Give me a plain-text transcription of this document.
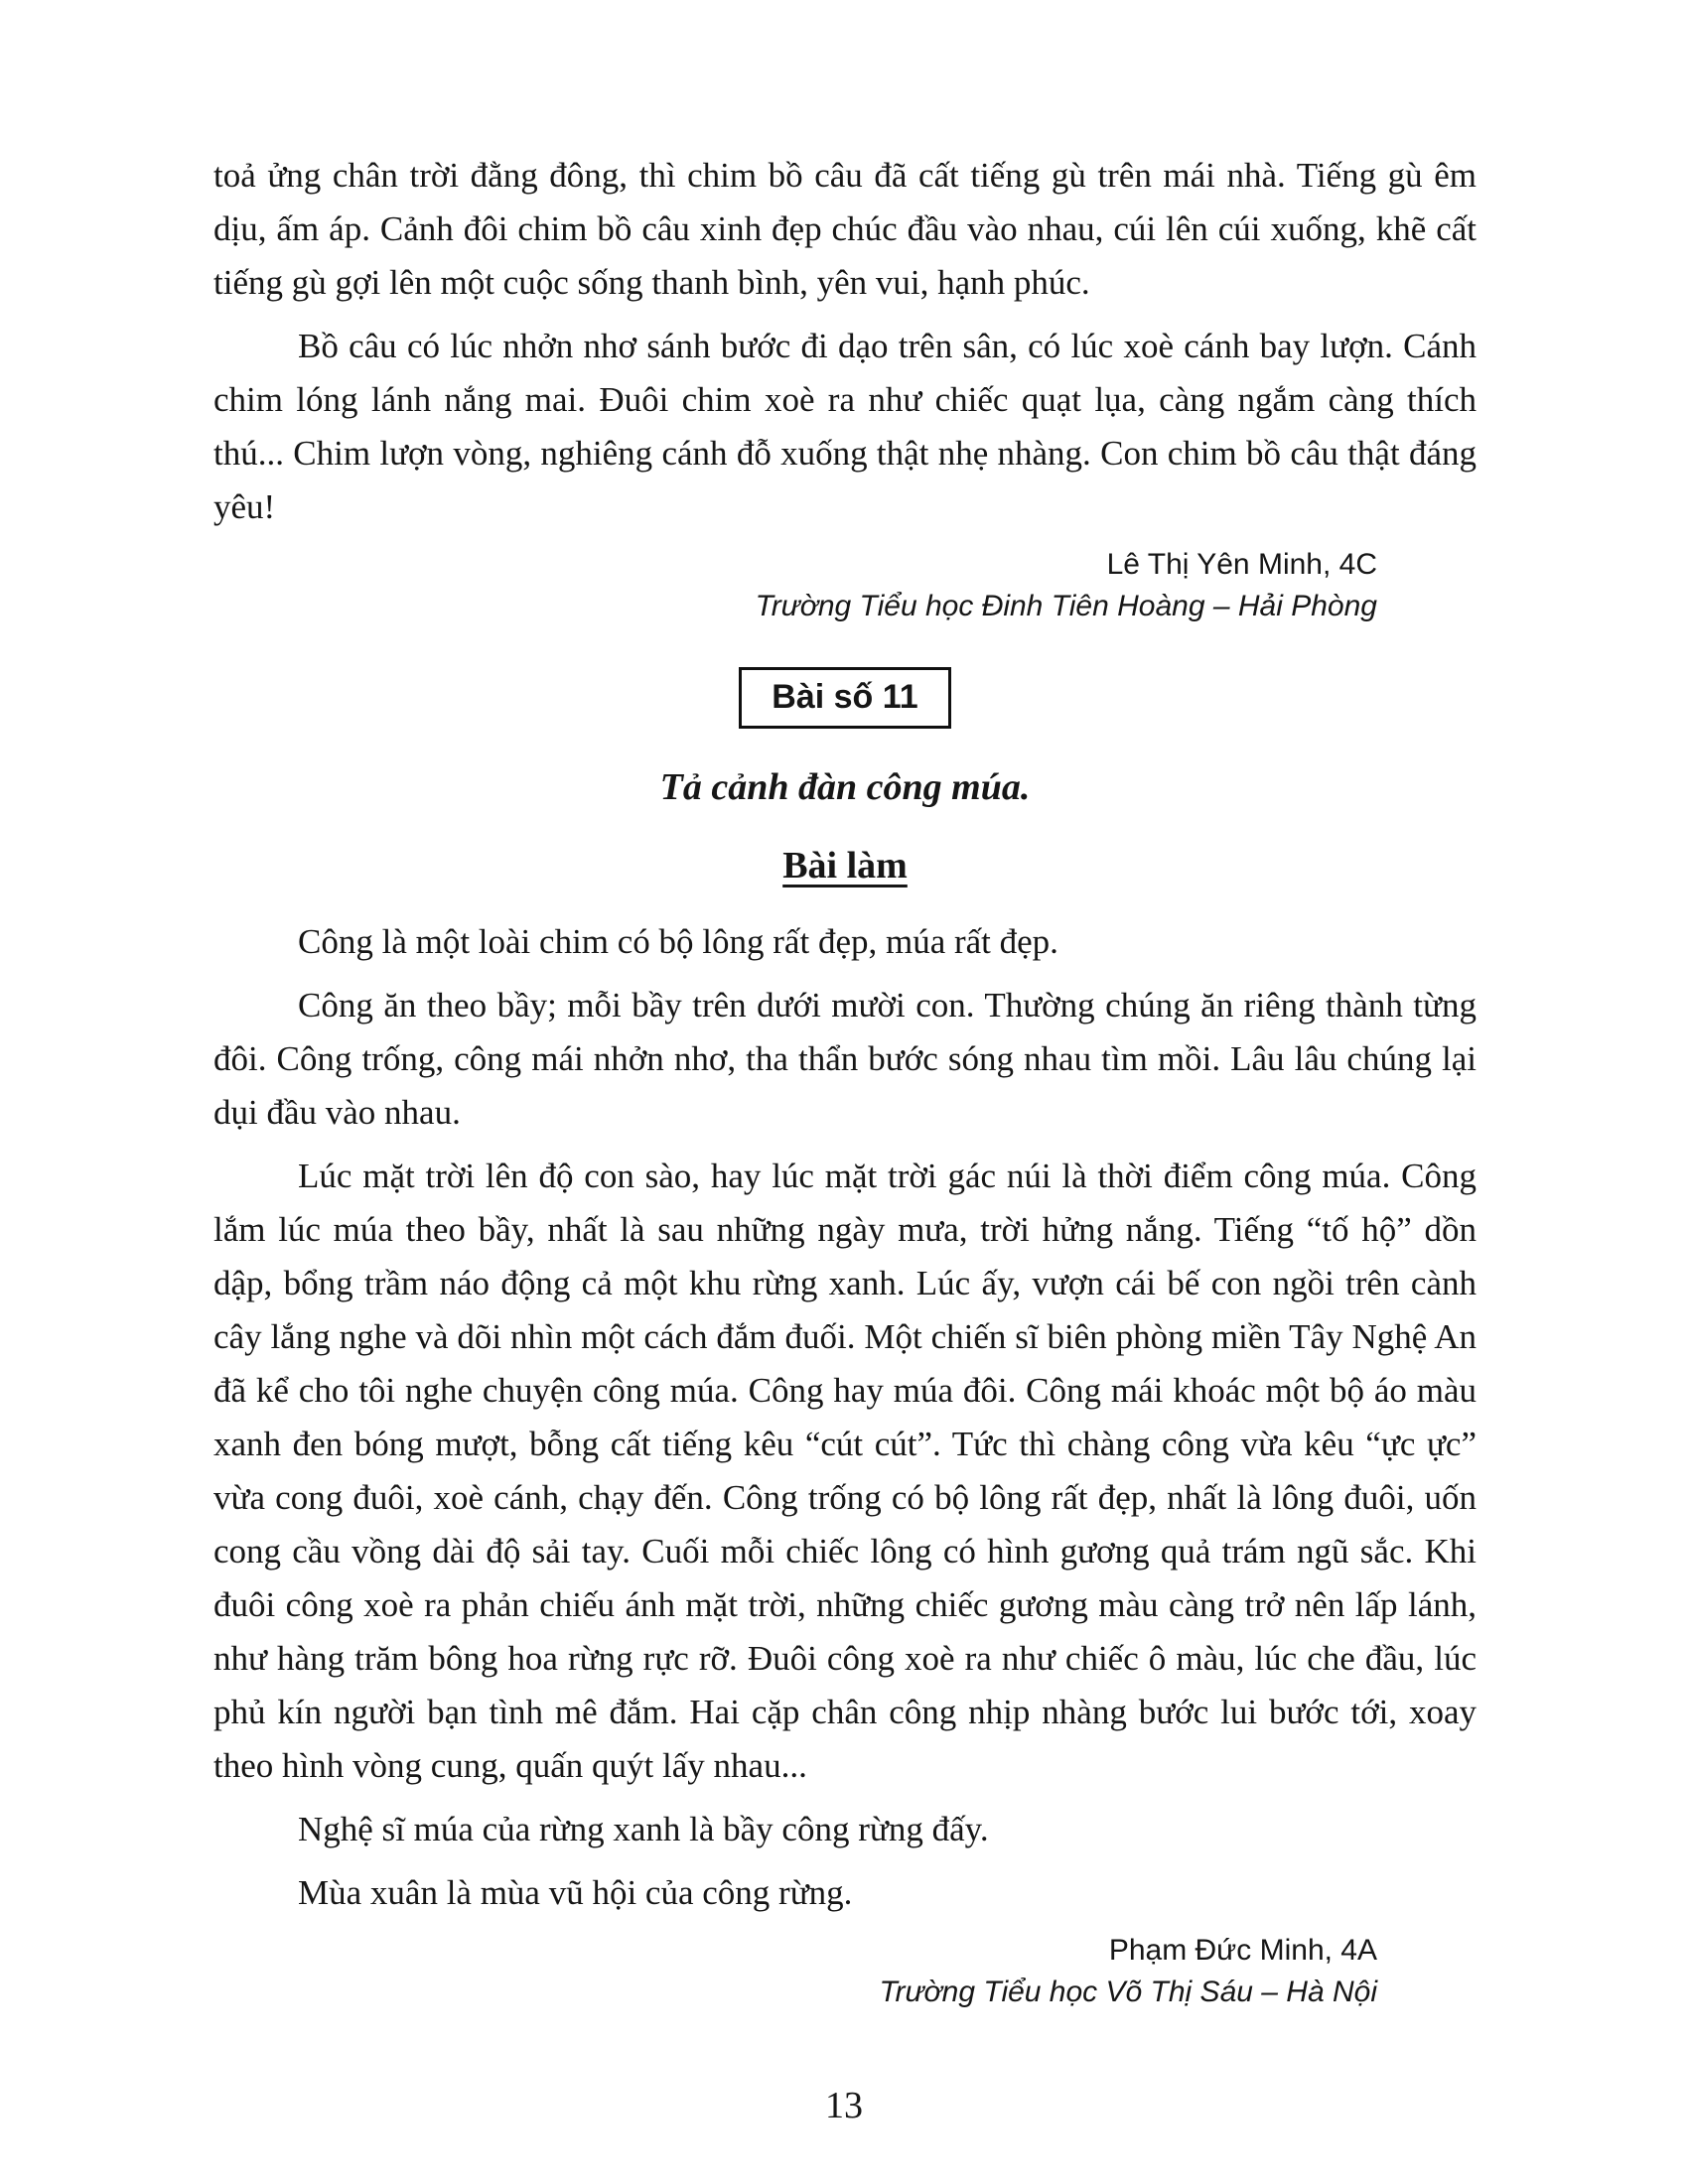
toả ửng chân trời đằng đông, thì chim bồ câu đã cất tiếng gù trên mái nhà. Tiếng gù êm dịu, ấm áp. Cảnh đôi chim bồ câu xinh đẹp chúc đầu vào nhau, cúi lên cúi xuống, khẽ cất tiếng gù gợi lên một cuộc sống thanh bình, yên vui, hạnh phúc.

Bồ câu có lúc nhởn nhơ sánh bước đi dạo trên sân, có lúc xoè cánh bay lượn. Cánh chim lóng lánh nắng mai. Đuôi chim xoè ra như chiếc quạt lụa, càng ngắm càng thích thú... Chim lượn vòng, nghiêng cánh đỗ xuống thật nhẹ nhàng. Con chim bồ câu thật đáng yêu!

Lê Thị Yên Minh, 4C
Trường Tiểu học Đinh Tiên Hoàng – Hải Phòng
Bài số 11
Tả cảnh đàn công múa.
Bài làm

Công là một loài chim có bộ lông rất đẹp, múa rất đẹp.

Công ăn theo bầy; mỗi bầy trên dưới mười con. Thường chúng ăn riêng thành từng đôi. Công trống, công mái nhởn nhơ, tha thẩn bước sóng nhau tìm mồi. Lâu lâu chúng lại dụi đầu vào nhau.

Lúc mặt trời lên độ con sào, hay lúc mặt trời gác núi là thời điểm công múa. Công lắm lúc múa theo bầy, nhất là sau những ngày mưa, trời hửng nắng. Tiếng “tố hộ” dồn dập, bổng trầm náo động cả một khu rừng xanh. Lúc ấy, vượn cái bế con ngồi trên cành cây lắng nghe và dõi nhìn một cách đắm đuối. Một chiến sĩ biên phòng miền Tây Nghệ An đã kể cho tôi nghe chuyện công múa. Công hay múa đôi. Công mái khoác một bộ áo màu xanh đen bóng mượt, bỗng cất tiếng kêu “cút cút”. Tức thì chàng công vừa kêu “ực ực” vừa cong đuôi, xoè cánh, chạy đến. Công trống có bộ lông rất đẹp, nhất là lông đuôi, uốn cong cầu vồng dài độ sải tay. Cuối mỗi chiếc lông có hình gương quả trám ngũ sắc. Khi đuôi công xoè ra phản chiếu ánh mặt trời, những chiếc gương màu càng trở nên lấp lánh, như hàng trăm bông hoa rừng rực rỡ. Đuôi công xoè ra như chiếc ô màu, lúc che đầu, lúc phủ kín người bạn tình mê đắm. Hai cặp chân công nhịp nhàng bước lui bước tới, xoay theo hình vòng cung, quấn quýt lấy nhau...

Nghệ sĩ múa của rừng xanh là bầy công rừng đấy.

Mùa xuân là mùa vũ hội của công rừng.

Phạm Đức Minh, 4A
Trường Tiểu học Võ Thị Sáu – Hà Nội
13
